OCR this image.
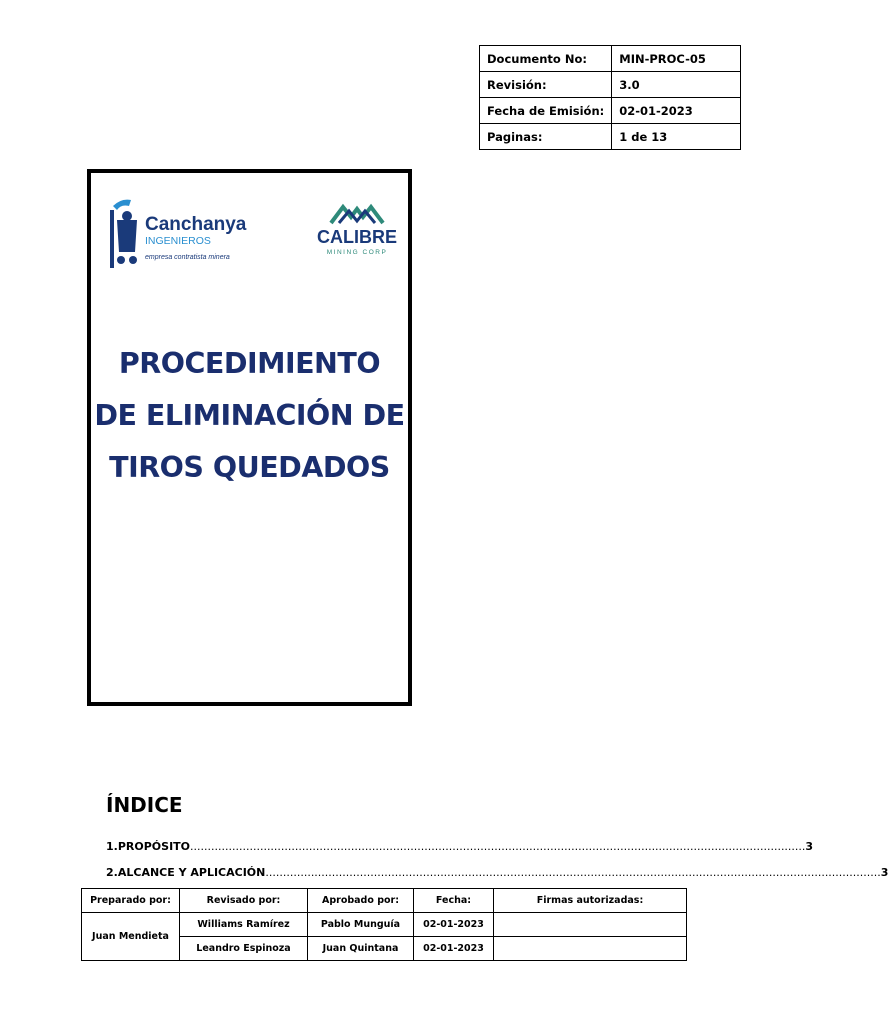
Documento No:	MIN-PROC-05
Revisión:	3.0
Fecha de Emisión:	02-01-2023
Paginas:	1 de 13
Canchanya
INGENIEROS
empresa contratista minera
CALIBRE
MINING CORP
PROCEDIMIENTO
DE ELIMINACIÓN DE
TIROS QUEDADOS
ÍNDICE
1. PROPÓSITO ................................................................................................................................................................................ 3
2. ALCANCE Y APLICACIÓN ................................................................................................................................................................................ 3
Preparado por:	Revisado por:	Aprobado por:	Fecha:	Firmas autorizadas:
Juan Mendieta	Williams Ramírez	Pablo Munguía	02-01-2023	
	Leandro Espinoza	Juan Quintana	02-01-2023	
